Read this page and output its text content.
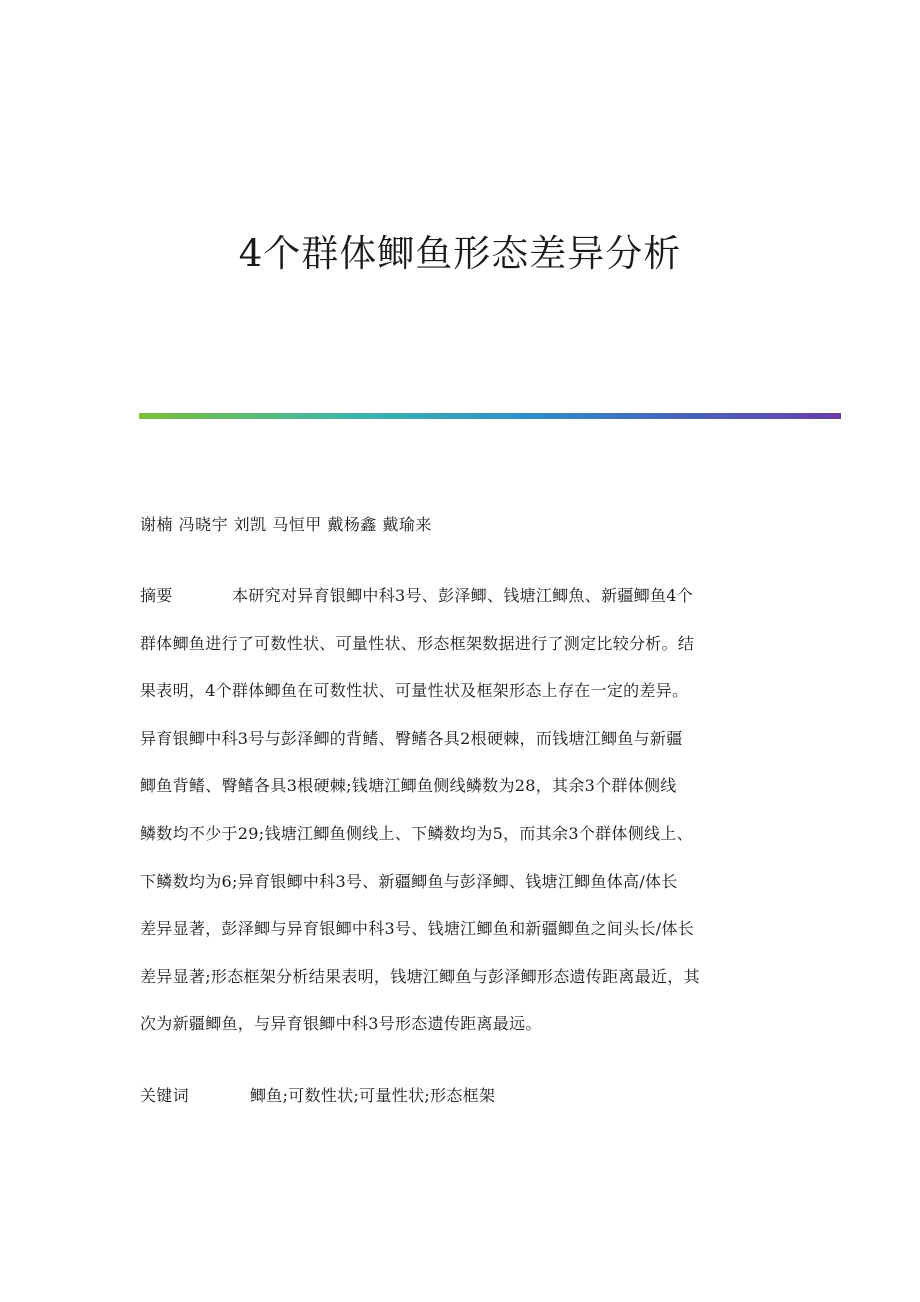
4个群体鲫鱼形态差异分析
谢楠 冯晓宇 刘凯 马恒甲 戴杨鑫 戴瑜来
摘要	本研究对异育银鲫中科3号、彭泽鲫、钱塘江鲫魚、新疆鲫鱼4个
群体鲫鱼进行了可数性状、可量性状、形态框架数据进行了测定比较分析。结
果表明，4个群体鲫鱼在可数性状、可量性状及框架形态上存在一定的差异。
异育银鲫中科3号与彭泽鲫的背鳍、臀鳍各具2根硬棘，而钱塘江鲫鱼与新疆
鲫鱼背鳍、臀鳍各具3根硬棘;钱塘江鲫鱼侧线鳞数为28，其余3个群体侧线
鳞数均不少于29;钱塘江鲫鱼侧线上、下鳞数均为5，而其余3个群体侧线上、
下鳞数均为6;异育银鲫中科3号、新疆鲫鱼与彭泽鲫、钱塘江鲫鱼体高/体长
差异显著，彭泽鲫与异育银鲫中科3号、钱塘江鲫鱼和新疆鲫鱼之间头长/体长
差异显著;形态框架分析结果表明，钱塘江鲫鱼与彭泽鲫形态遗传距离最近，其
次为新疆鲫鱼，与异育银鲫中科3号形态遗传距离最远。
关键词	鲫鱼;可数性状;可量性状;形态框架
